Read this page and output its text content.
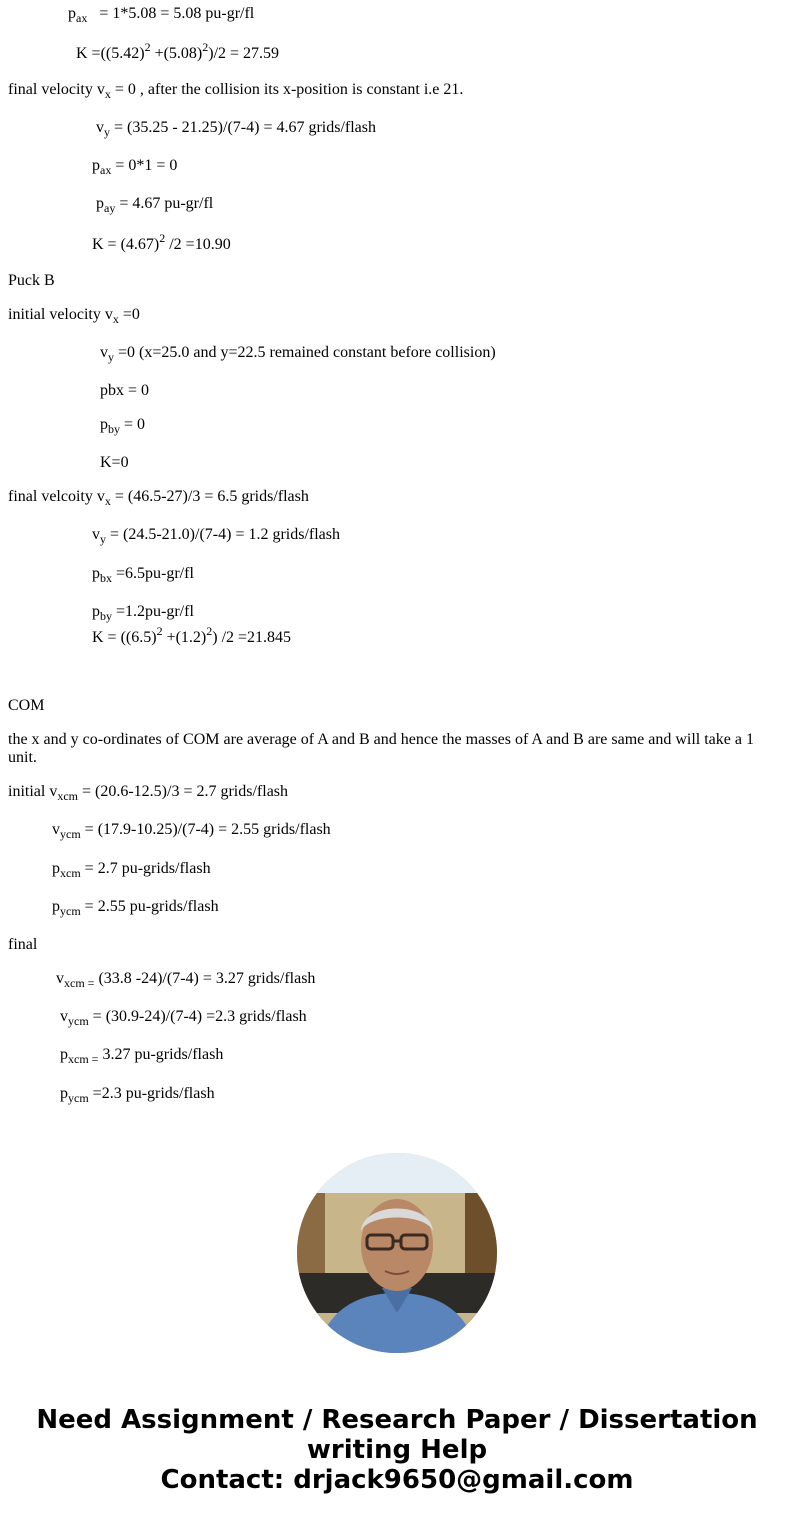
$p_{ax} = 1*5.08 = 5.08$ pu-gr/fl
$K =((5.42)^2 +(5.08)^2)/2 = 27.59$
final velocity $v_x = 0$ , after the collision its x-position is constant i.e 21.
$v_y = (35.25 - 21.25)/(7-4) = 4.67$ grids/flash
$p_{ax} = 0*1 = 0$
$p_{ay} = 4.67$ pu-gr/fl
$K = (4.67)^2$ /2 =10.90
Puck B
initial velocity $v_x =0$
$v_y =0$ (x=25.0 and y=22.5 remained constant before collision)
pbx = 0
$p_{by} = 0$
K=0
final velcoity $v_x = (46.5-27)/3 = 6.5$ grids/flash
$v_y = (24.5-21.0)/(7-4) = 1.2$ grids/flash
$p_{bx} =6.5pu-gr/fl$
$p_{by} =1.2pu-gr/fl$
$K = ((6.5)^2 +(1.2)^2)$ /2 =21.845
COM
the x and y co-ordinates of COM are average of A and B and hence the masses of A and B are same and will take a 1 unit.
initial $v_{xcm} = (20.6-12.5)/3 = 2.7$ grids/flash
$v_{ycm} = (17.9-10.25)/(7-4) = 2.55$ grids/flash
$p_{xcm} = 2.7$ pu-grids/flash
$p_{ycm} = 2.55$ pu-grids/flash
final
$v_{xcm =}$ (33.8 -24)/(7-4) = 3.27 grids/flash
$v_{ycm} = (30.9-24)/(7-4) =2.3$ grids/flash
$p_{xcm =}$ 3.27 pu-grids/flash
$p_{ycm} =2.3$ pu-grids/flash
Need Assignment / Research Paper / Dissertation
writing Help
Contact: drjack9650@gmail.com
